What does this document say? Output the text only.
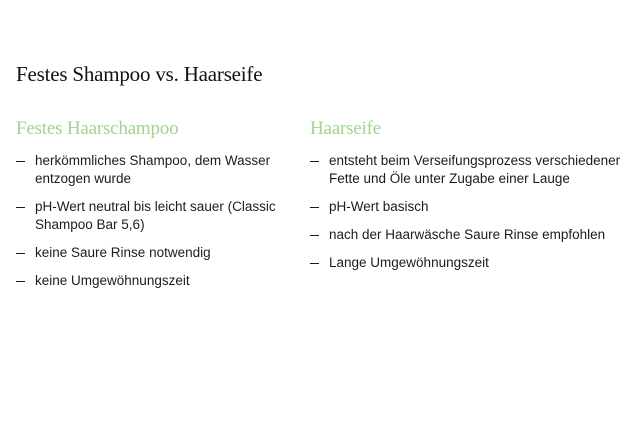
Festes Shampoo vs. Haarseife
Festes Haarschampoo
herkömmliches Shampoo, dem Wasser entzogen wurde
pH-Wert neutral bis leicht sauer (Classic Shampoo Bar 5,6)
keine Saure Rinse notwendig
keine Umgewöhnungszeit
Haarseife
entsteht beim Verseifungsprozess verschiedener Fette und Öle unter Zugabe einer Lauge
pH-Wert basisch
nach der Haarwäsche Saure Rinse empfohlen
Lange Umgewöhnungszeit
